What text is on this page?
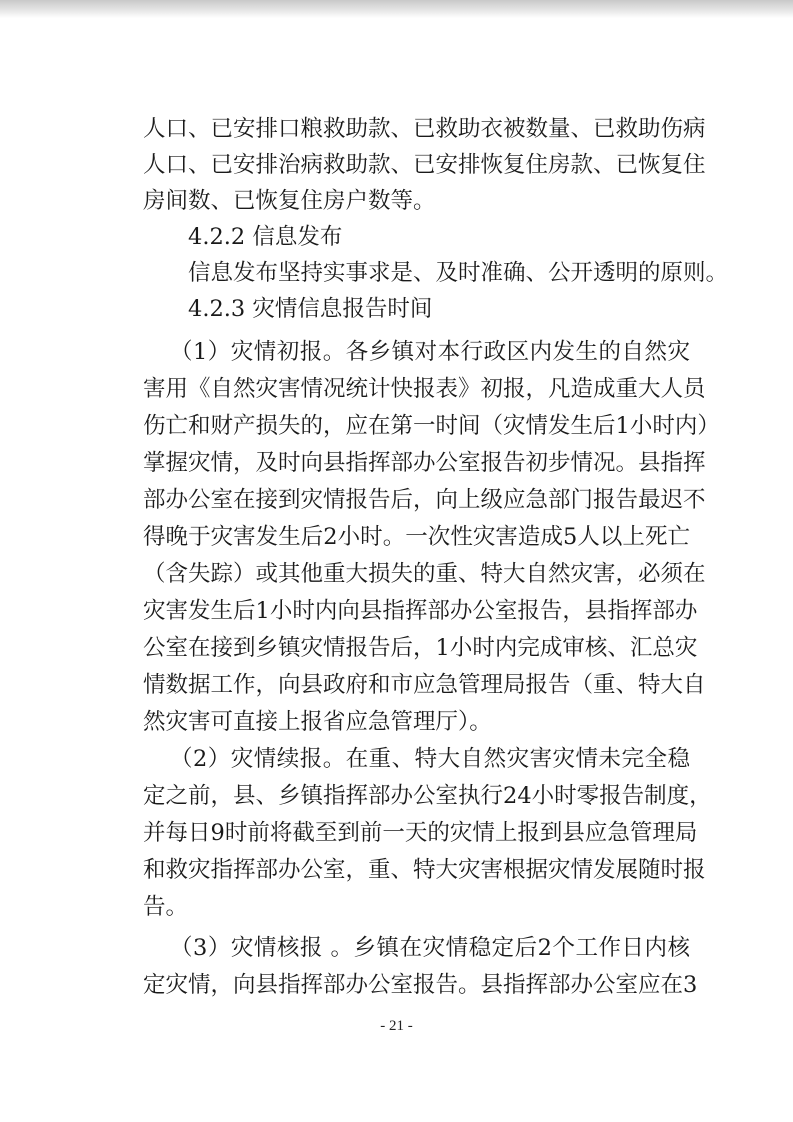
人口、已安排口粮救助款、已救助衣被数量、已救助伤病
人口、已安排治病救助款、已安排恢复住房款、已恢复住
房间数、已恢复住房户数等。
4.2.2 信息发布
信息发布坚持实事求是、及时准确、公开透明的原则。
4.2.3 灾情信息报告时间
（1）灾情初报。各乡镇对本行政区内发生的自然灾
害用《自然灾害情况统计快报表》初报，凡造成重大人员
伤亡和财产损失的，应在第一时间（灾情发生后1小时内）
掌握灾情，及时向县指挥部办公室报告初步情况。县指挥
部办公室在接到灾情报告后，向上级应急部门报告最迟不
得晚于灾害发生后2小时。一次性灾害造成5人以上死亡
（含失踪）或其他重大损失的重、特大自然灾害，必须在
灾害发生后1小时内向县指挥部办公室报告，县指挥部办
公室在接到乡镇灾情报告后，1小时内完成审核、汇总灾
情数据工作，向县政府和市应急管理局报告（重、特大自
然灾害可直接上报省应急管理厅）。
（2）灾情续报。在重、特大自然灾害灾情未完全稳
定之前，县、乡镇指挥部办公室执行24小时零报告制度，
并每日9时前将截至到前一天的灾情上报到县应急管理局
和救灾指挥部办公室，重、特大灾害根据灾情发展随时报
告。
（3）灾情核报 。乡镇在灾情稳定后2个工作日内核
定灾情，向县指挥部办公室报告。县指挥部办公室应在3
- 21 -
